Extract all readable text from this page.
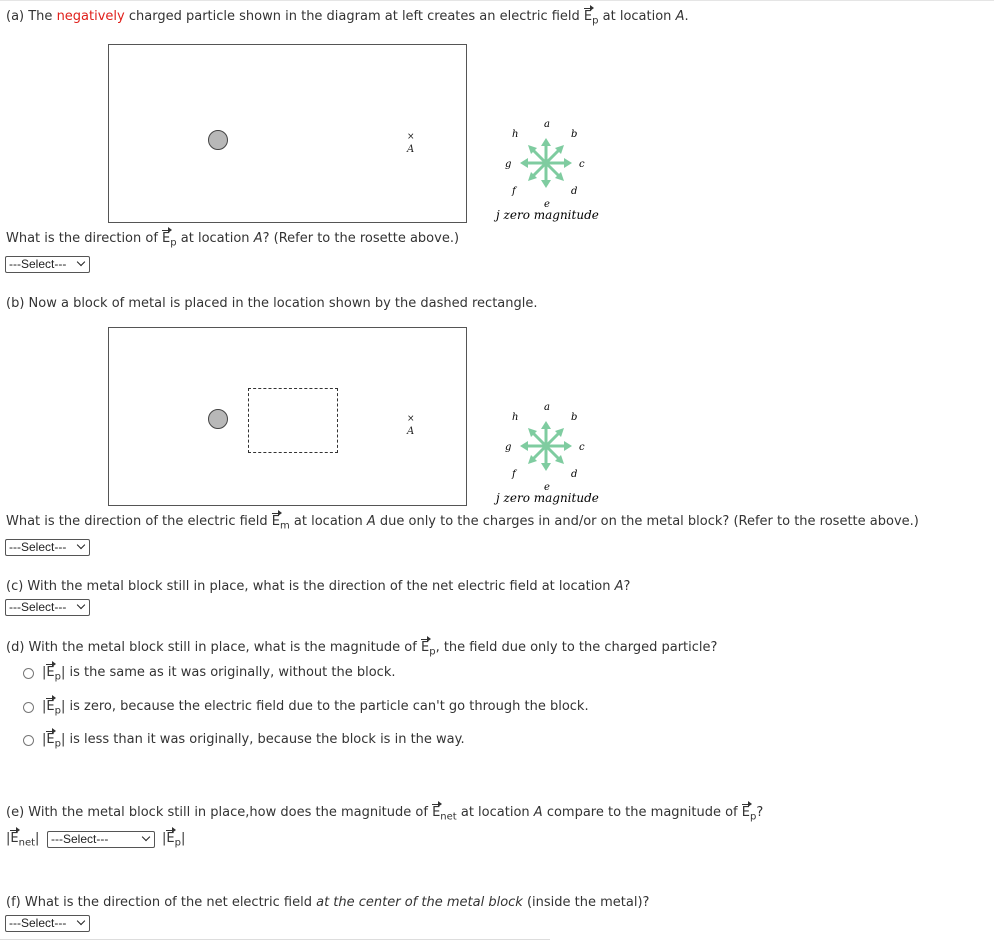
(a) The negatively charged particle shown in the diagram at left creates an electric field $E_p$ at location A.
×
A
a
b
c
d
e
f
g
h
j zero magnitude
What is the direction of $E_p$ at location A? (Refer to the rosette above.)
---Select---
(b) Now a block of metal is placed in the location shown by the dashed rectangle.
×
A
a
b
c
d
e
f
g
h
j zero magnitude
What is the direction of the electric field $E_m$ at location A due only to the charges in and/or on the metal block? (Refer to the rosette above.)
---Select---
(c) With the metal block still in place, what is the direction of the net electric field at location A?
---Select---
(d) With the metal block still in place, what is the magnitude of $E_p$, the field due only to the charged particle?
$|E_p|$ is the same as it was originally, without the block.
$|E_p|$ is zero, because the electric field due to the particle can't go through the block.
$|E_p|$ is less than it was originally, because the block is in the way.
(e) With the metal block still in place,how does the magnitude of $E_{net}$ at location A compare to the magnitude of $E_p$?
$|E_{net}|$ ---Select---	$|E_p|$
(f) What is the direction of the net electric field at the center of the metal block (inside the metal)?
---Select---
